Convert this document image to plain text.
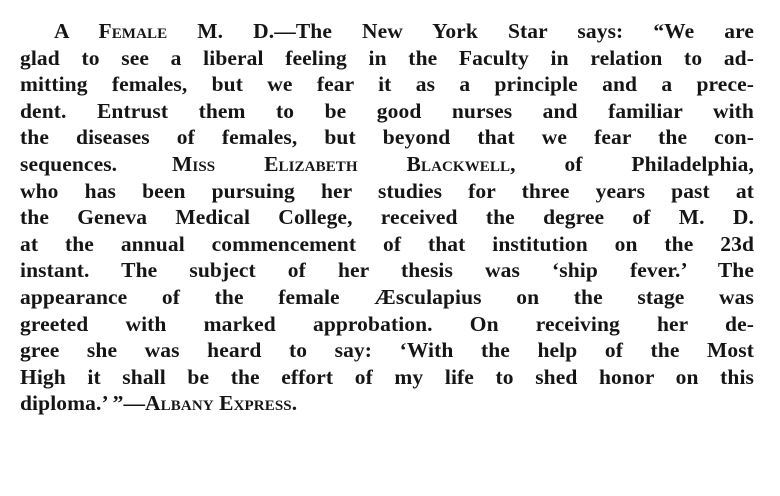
A Female M. D.—The New York Star says: “We are
glad to see a liberal feeling in the Faculty in relation to ad-
mitting females, but we fear it as a principle and a prece-
dent. Entrust them to be good nurses and familiar with
the diseases of females, but beyond that we fear the con-
sequences.	Miss Elizabeth Blackwell, of Philadelphia,
who has been pursuing her studies for three years past at
the Geneva Medical College, received the degree of M. D.
at the annual commencement of that institution on the 23d
instant. The subject of her thesis was ‘ship fever.’ The
appearance of the female Æsculapius on the stage was
greeted with marked approbation. On receiving her de-
gree she was heard to say: ‘With the help of the Most
High it shall be the effort of my life to shed honor on this
diploma.’ ”—Albany Express.
